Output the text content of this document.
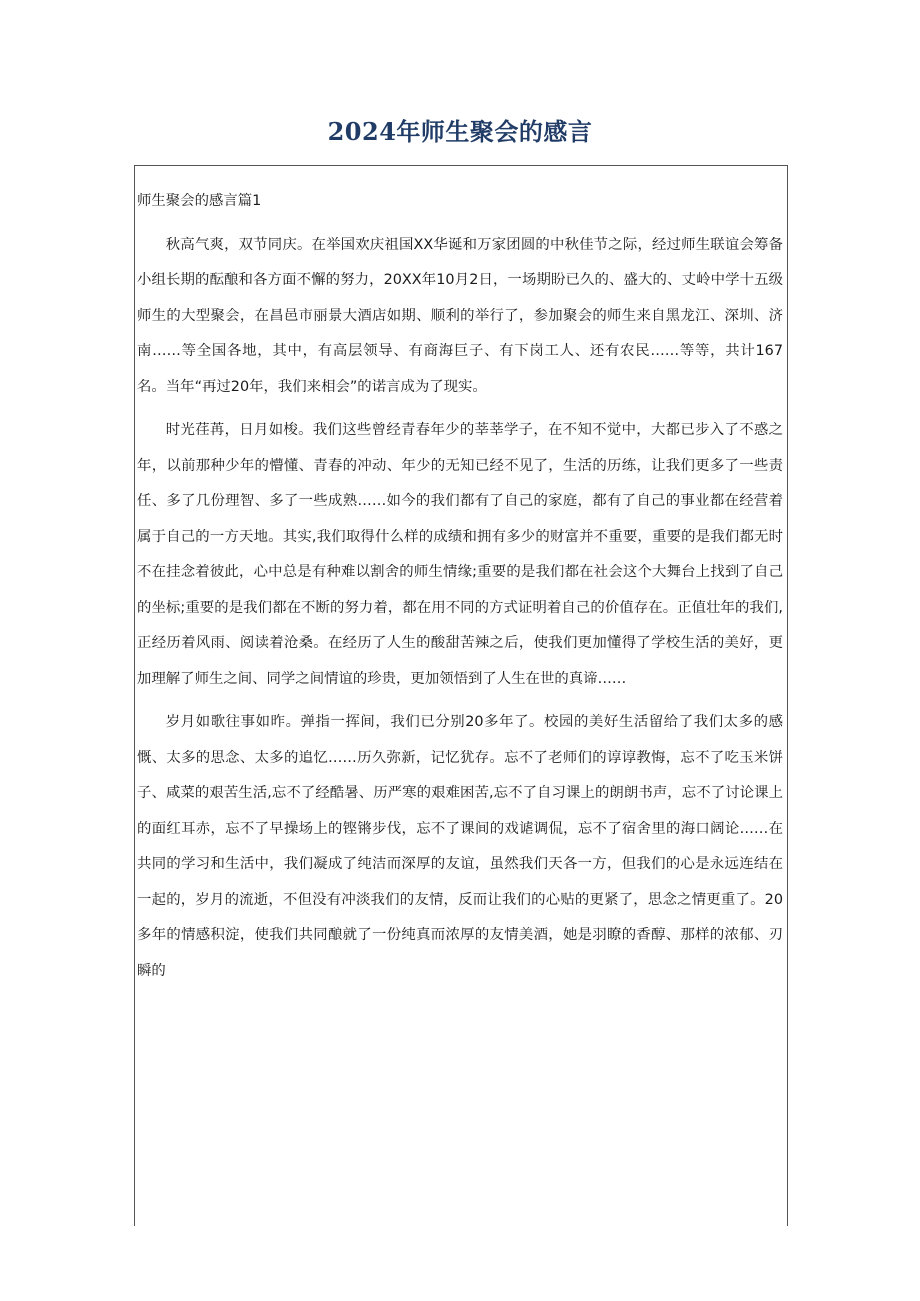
2024年师生聚会的感言
师生聚会的感言篇1

秋高气爽，双节同庆。在举国欢庆祖国XX华诞和万家团圆的中秋佳节之际，经过师生联谊会筹备小组长期的酝酿和各方面不懈的努力，20XX年10月2日，一场期盼已久的、盛大的、丈岭中学十五级师生的大型聚会，在昌邑市丽景大酒店如期、顺利的举行了，参加聚会的师生来自黑龙江、深圳、济南……等全国各地，其中，有高层领导、有商海巨子、有下岗工人、还有农民……等等，共计167名。当年“再过20年，我们来相会”的诺言成为了现实。

时光荏苒，日月如梭。我们这些曾经青春年少的莘莘学子，在不知不觉中，大都已步入了不惑之年，以前那种少年的懵懂、青春的冲动、年少的无知已经不见了，生活的历练，让我们更多了一些责任、多了几份理智、多了一些成熟……如今的我们都有了自己的家庭，都有了自己的事业都在经营着属于自己的一方天地。其实,我们取得什么样的成绩和拥有多少的财富并不重要，重要的是我们都无时不在挂念着彼此，心中总是有种难以割舍的师生情缘;重要的是我们都在社会这个大舞台上找到了自己的坐标;重要的是我们都在不断的努力着，都在用不同的方式证明着自己的价值存在。正值壮年的我们,正经历着风雨、阅读着沧桑。在经历了人生的酸甜苦辣之后，使我们更加懂得了学校生活的美好，更加理解了师生之间、同学之间情谊的珍贵，更加领悟到了人生在世的真谛……

岁月如歌往事如昨。弹指一挥间，我们已分别20多年了。校园的美好生活留给了我们太多的感慨、太多的思念、太多的追忆……历久弥新，记忆犹存。忘不了老师们的谆谆教悔，忘不了吃玉米饼子、咸菜的艰苦生活,忘不了经酷暑、历严寒的艰难困苦,忘不了自习课上的朗朗书声，忘不了讨论课上的面红耳赤，忘不了早操场上的铿锵步伐，忘不了课间的戏谑调侃，忘不了宿舍里的海口阔论……在共同的学习和生活中，我们凝成了纯洁而深厚的友谊，虽然我们天各一方，但我们的心是永远连结在一起的，岁月的流逝，不但没有冲淡我们的友情，反而让我们的心贴的更紧了，思念之情更重了。20多年的情感积淀，使我们共同酿就了一份纯真而浓厚的友情美酒，她是羽瞭的香醇、那样的浓郁、刃瞬的
